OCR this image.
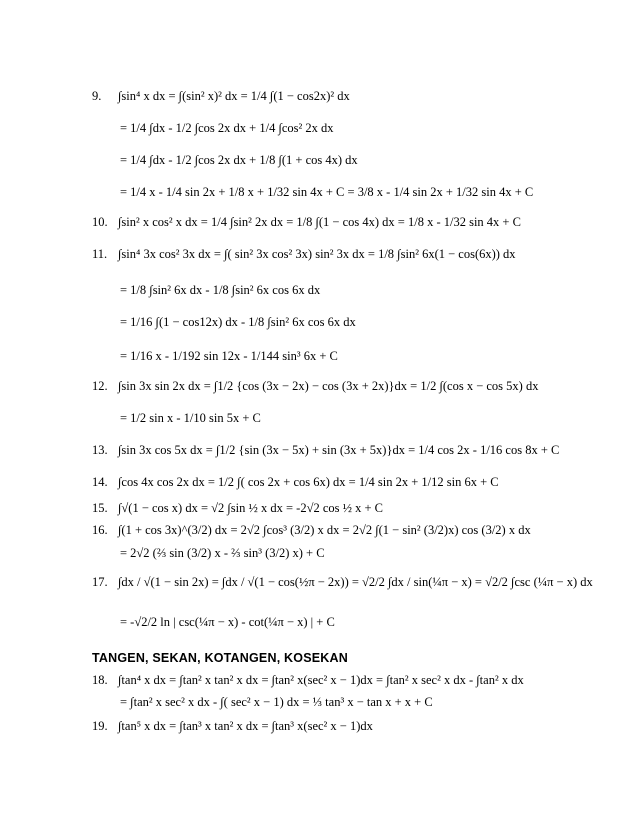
9. ∫sin⁴ x dx = ∫(sin² x)² dx = 1/4 ∫(1 − cos2x)² dx
= 1/4 ∫dx - 1/2 ∫cos 2x dx + 1/4 ∫cos² 2x dx
= 1/4 ∫dx - 1/2 ∫cos 2x dx + 1/8 ∫(1 + cos 4x) dx
= 1/4 x - 1/4 sin 2x + 1/8 x + 1/32 sin 4x + C = 3/8 x - 1/4 sin 2x + 1/32 sin 4x + C
10. ∫sin² x cos² x dx = 1/4 ∫sin² 2x dx = 1/8 ∫(1 − cos 4x) dx = 1/8 x - 1/32 sin 4x + C
11. ∫sin⁴ 3x cos² 3x dx = ∫( sin² 3x cos² 3x) sin² 3x dx = 1/8 ∫sin² 6x(1 − cos(6x)) dx
= 1/8 ∫sin² 6x dx - 1/8 ∫sin² 6x cos 6x dx
= 1/16 ∫(1 − cos12x) dx - 1/8 ∫sin² 6x cos 6x dx
= 1/16 x - 1/192 sin 12x - 1/144 sin³ 6x + C
12. ∫sin 3x sin 2x dx = ∫1/2 {cos (3x − 2x) − cos (3x + 2x)}dx = 1/2 ∫(cos x − cos 5x) dx
= 1/2 sin x - 1/10 sin 5x + C
13. ∫sin 3x cos 5x dx = ∫1/2 {sin (3x − 5x) + sin (3x + 5x)}dx = 1/4 cos 2x - 1/16 cos 8x + C
14. ∫cos 4x cos 2x dx = 1/2 ∫( cos 2x + cos 6x) dx = 1/4 sin 2x + 1/12 sin 6x + C
15. ∫√(1 − cos x) dx = √2 ∫sin ½ x dx = -2√2 cos ½ x + C
16. ∫(1 + cos 3x)^(3/2) dx = 2√2 ∫cos³ (3/2) x dx = 2√2 ∫(1 − sin² (3/2)x) cos (3/2) x dx
= 2√2 (⅔ sin (3/2) x - ⅔ sin³ (3/2) x) + C
17. ∫dx / √(1 − sin 2x) = ∫dx / √(1 − cos(½π − 2x)) = √2/2 ∫dx / sin(¼π − x) = √2/2 ∫csc (¼π − x) dx
= -√2/2 ln | csc(¼π − x) - cot(¼π − x) | + C
TANGEN, SEKAN, KOTANGEN, KOSEKAN
18. ∫tan⁴ x dx = ∫tan² x tan² x dx = ∫tan² x(sec² x − 1)dx = ∫tan² x sec² x dx - ∫tan² x dx
= ∫tan² x sec² x dx - ∫( sec² x − 1) dx = ⅓ tan³ x − tan x + x + C
19. ∫tan⁵ x dx = ∫tan³ x tan² x dx = ∫tan³ x(sec² x − 1)dx
